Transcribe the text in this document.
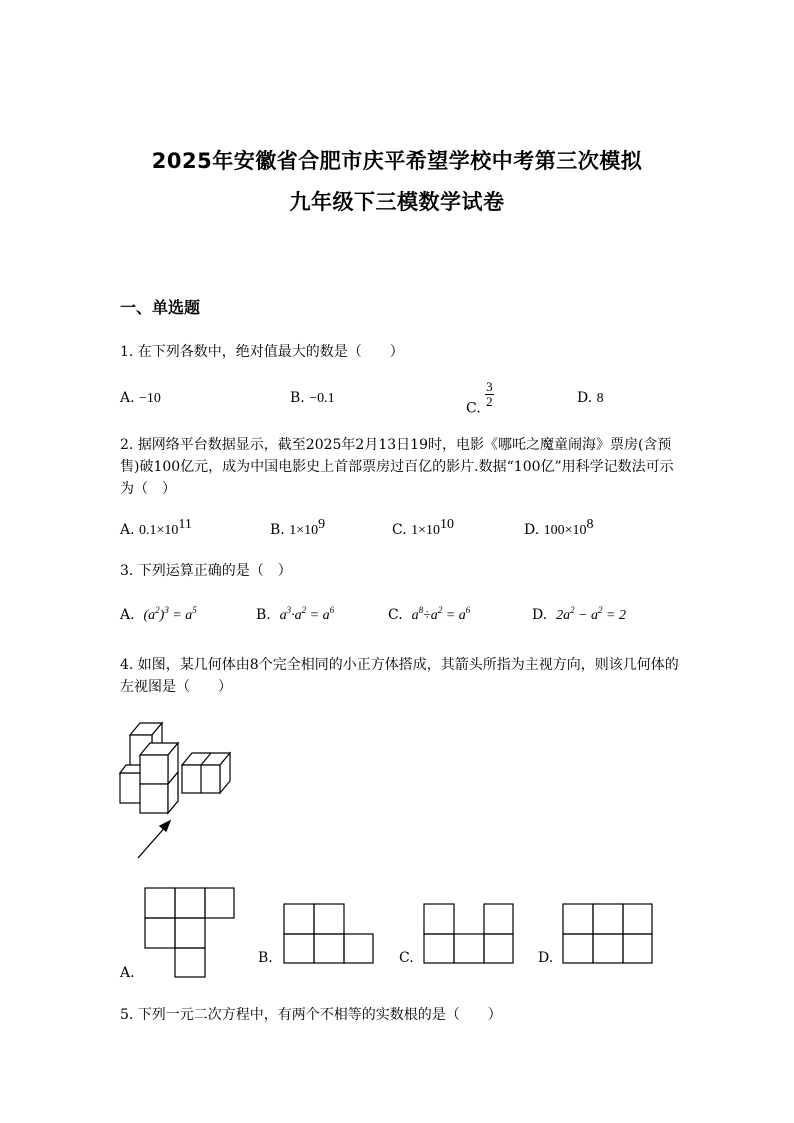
2025年安徽省合肥市庆平希望学校中考第三次模拟
九年级下三模数学试卷
一、单选题
1. 在下列各数中，绝对值最大的数是（　　）
A. −10	B. −0.1
C. $\frac{3}{2}$	D. 8
2. 据网络平台数据显示，截至2025年2月13日19时，电影《哪吒之魔童闹海》票房(含预售)破100亿元，成为中国电影史上首部票房过百亿的影片.数据“100亿”用科学记数法可示为（　）
A. $0.1\times 10^{11}$	B. $1\times 10^9$	C. $1\times 10^{10}$	D. $100\times 10^8$
3. 下列运算正确的是（　）
A. $(a^2)^3 = a^5$	B. $a^3\cdot a^2 = a^6$	C. $a^8\div a^2 = a^6$	D. $2a^2 - a^2 = 2$
4. 如图，某几何体由8个完全相同的小正方体搭成，其箭头所指为主视方向，则该几何体的左视图是（　　）
A.
B.	C.	D.
5. 下列一元二次方程中，有两个不相等的实数根的是（　　）
